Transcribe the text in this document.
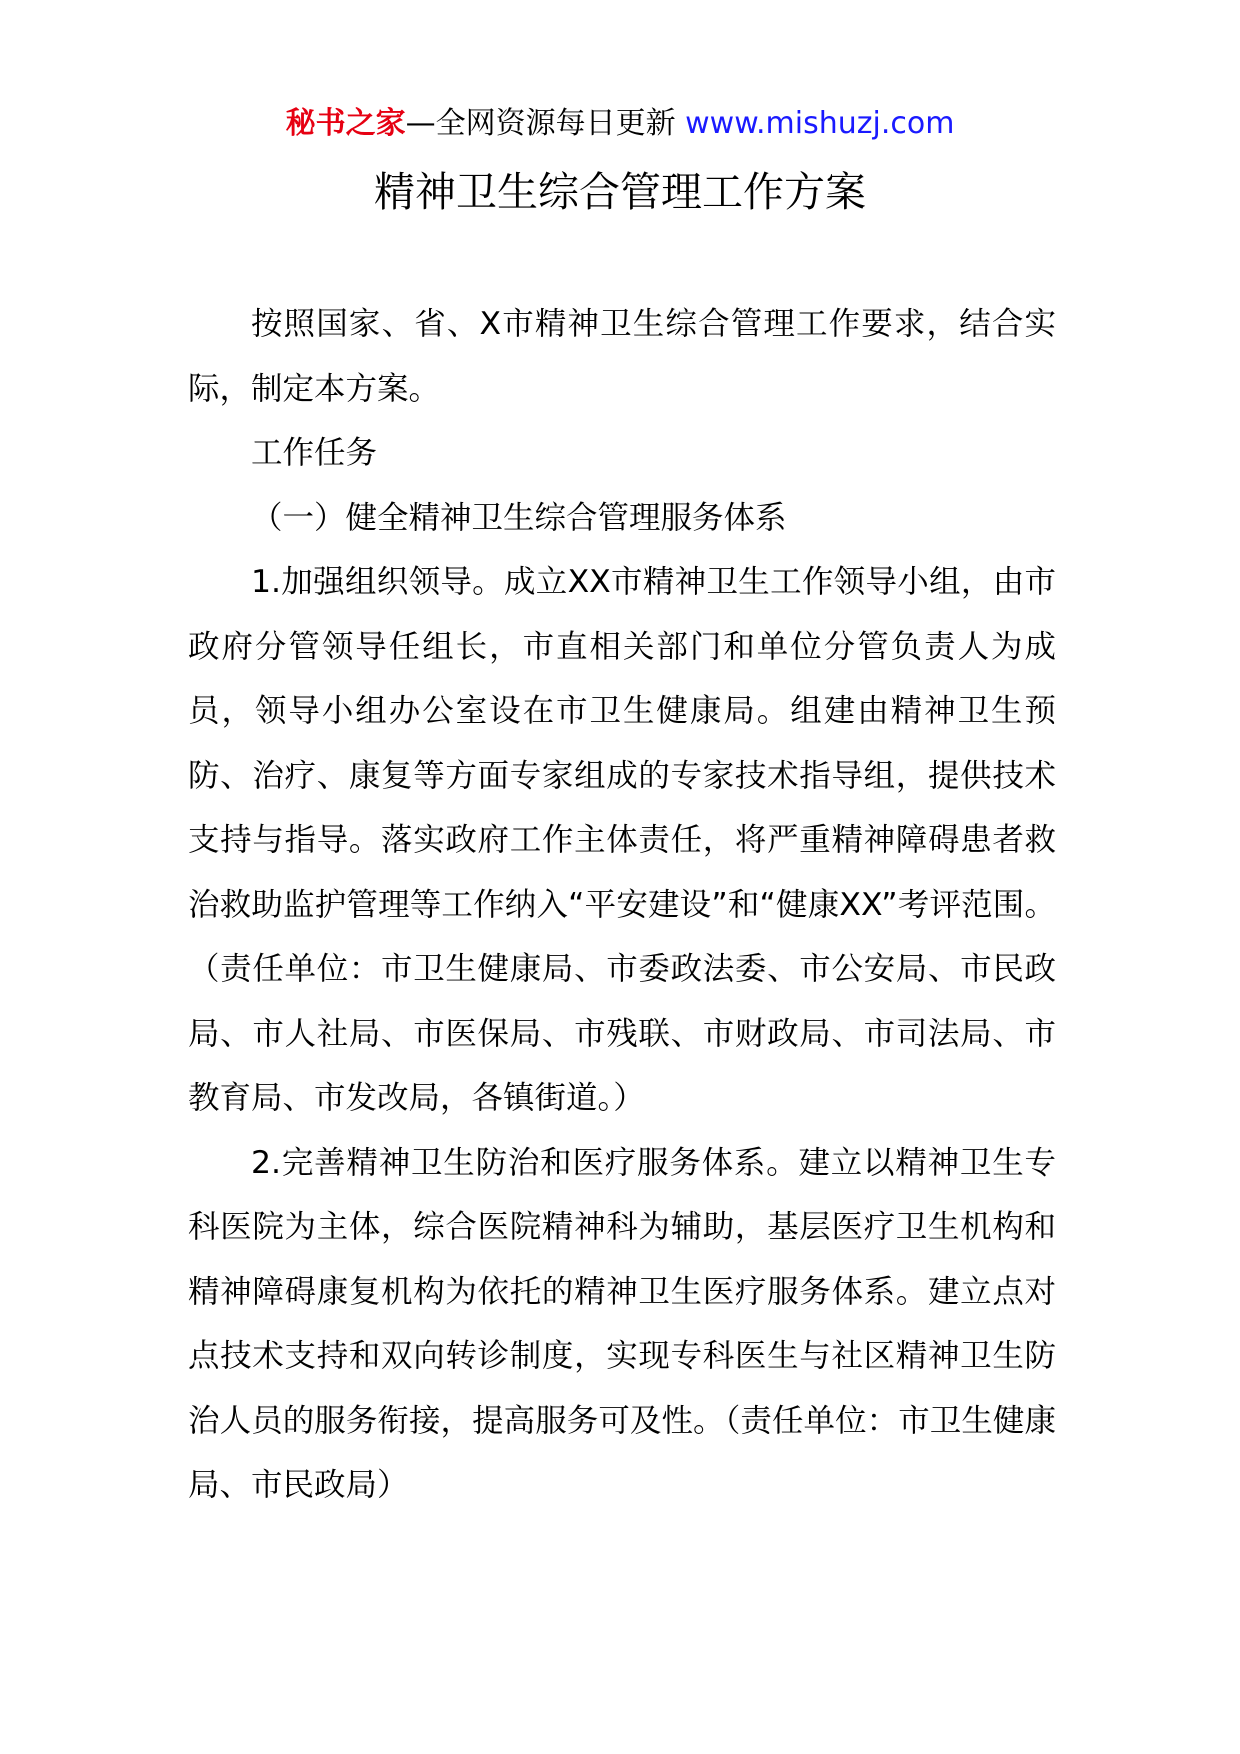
秘书之家—全网资源每日更新 www.mishuzj.com
精神卫生综合管理工作方案

按照国家、省、X市精神卫生综合管理工作要求，结合实际，制定本方案。

工作任务

（一）健全精神卫生综合管理服务体系

1.加强组织领导。成立XX市精神卫生工作领导小组，由市政府分管领导任组长，市直相关部门和单位分管负责人为成员，领导小组办公室设在市卫生健康局。组建由精神卫生预防、治疗、康复等方面专家组成的专家技术指导组，提供技术支持与指导。落实政府工作主体责任，将严重精神障碍患者救治救助监护管理等工作纳入“平安建设”和“健康XX”考评范围。（责任单位：市卫生健康局、市委政法委、市公安局、市民政局、市人社局、市医保局、市残联、市财政局、市司法局、市教育局、市发改局，各镇街道。）

2.完善精神卫生防治和医疗服务体系。建立以精神卫生专科医院为主体，综合医院精神科为辅助，基层医疗卫生机构和精神障碍康复机构为依托的精神卫生医疗服务体系。建立点对点技术支持和双向转诊制度，实现专科医生与社区精神卫生防治人员的服务衔接，提高服务可及性。（责任单位：市卫生健康局、市民政局）
